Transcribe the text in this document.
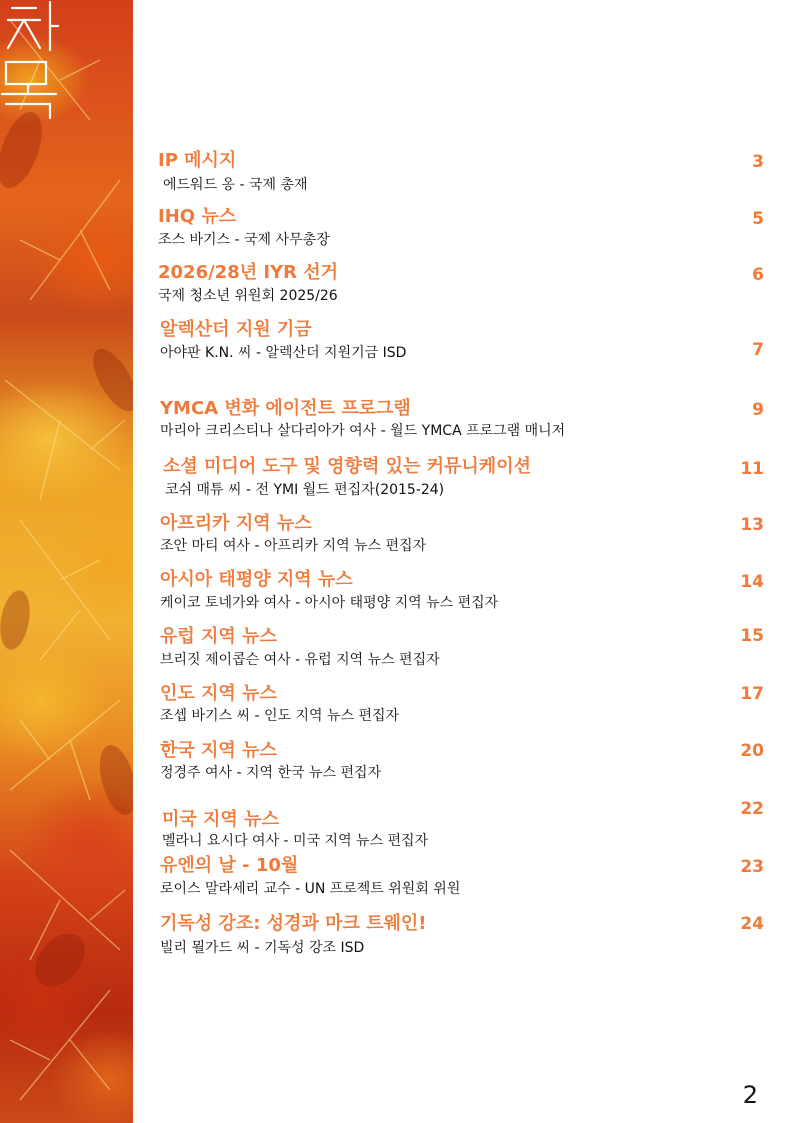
목차
IP 메시지
에드워드 옹 - 국제 총재
3
IHQ 뉴스
조스 바기스 - 국제 사무총장
5
2026/28년 IYR 선거
국제 청소년 위원회 2025/26
6
알렉산더 지원 기금
아야판 K.N. 씨 - 알렉산더 지원기금 ISD	7
YMCA 변화 에이전트 프로그램
마리아 크리스티나 살다리아가 여사 - 월드 YMCA 프로그램 매니저
9
소셜 미디어 도구 및 영향력 있는 커뮤니케이션
코쉬 매튜 씨 - 전 YMI 월드 편집자(2015-24)
11
아프리카 지역 뉴스
조안 마티 여사 - 아프리카 지역 뉴스 편집자
13
아시아 태평양 지역 뉴스
케이코 토네가와 여사 - 아시아 태평양 지역 뉴스 편집자
14
유럽 지역 뉴스
브리짓 제이콥슨 여사 - 유럽 지역 뉴스 편집자
15
인도 지역 뉴스
조셉 바기스 씨 - 인도 지역 뉴스 편집자
17
한국 지역 뉴스
정경주 여사 - 지역 한국 뉴스 편집자
20
미국 지역 뉴스
멜라니 요시다 여사 - 미국 지역 뉴스 편집자
22
유엔의 날 - 10월
로이스 말라세리 교수 - UN 프로젝트 위원회 위원
23
기독성 강조: 성경과 마크 트웨인!
빌리 묄가드 씨 - 기독성 강조 ISD
24
2
